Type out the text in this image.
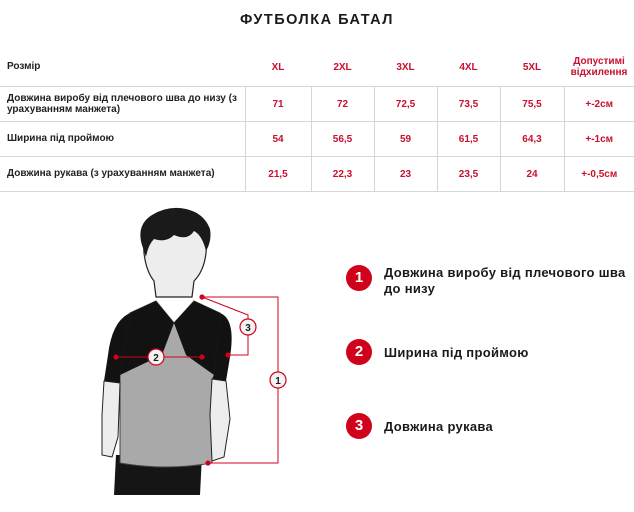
ФУТБОЛКА БАТАЛ
Розмір	XL	2XL	3XL	4XL	5XL	Допустимі відхилення
Довжина виробу від плечового шва до низу (з урахуванням манжета)	71	72	72,5	73,5	75,5	+-2см
Ширина під проймою	54	56,5	59	61,5	64,3	+-1см
Довжина рукава (з урахуванням манжета)	21,5	22,3	23	23,5	24	+-0,5см
1
2
3
1	Довжина виробу від плечового шва до низу
2	Ширина під проймою
3	Довжина рукава
